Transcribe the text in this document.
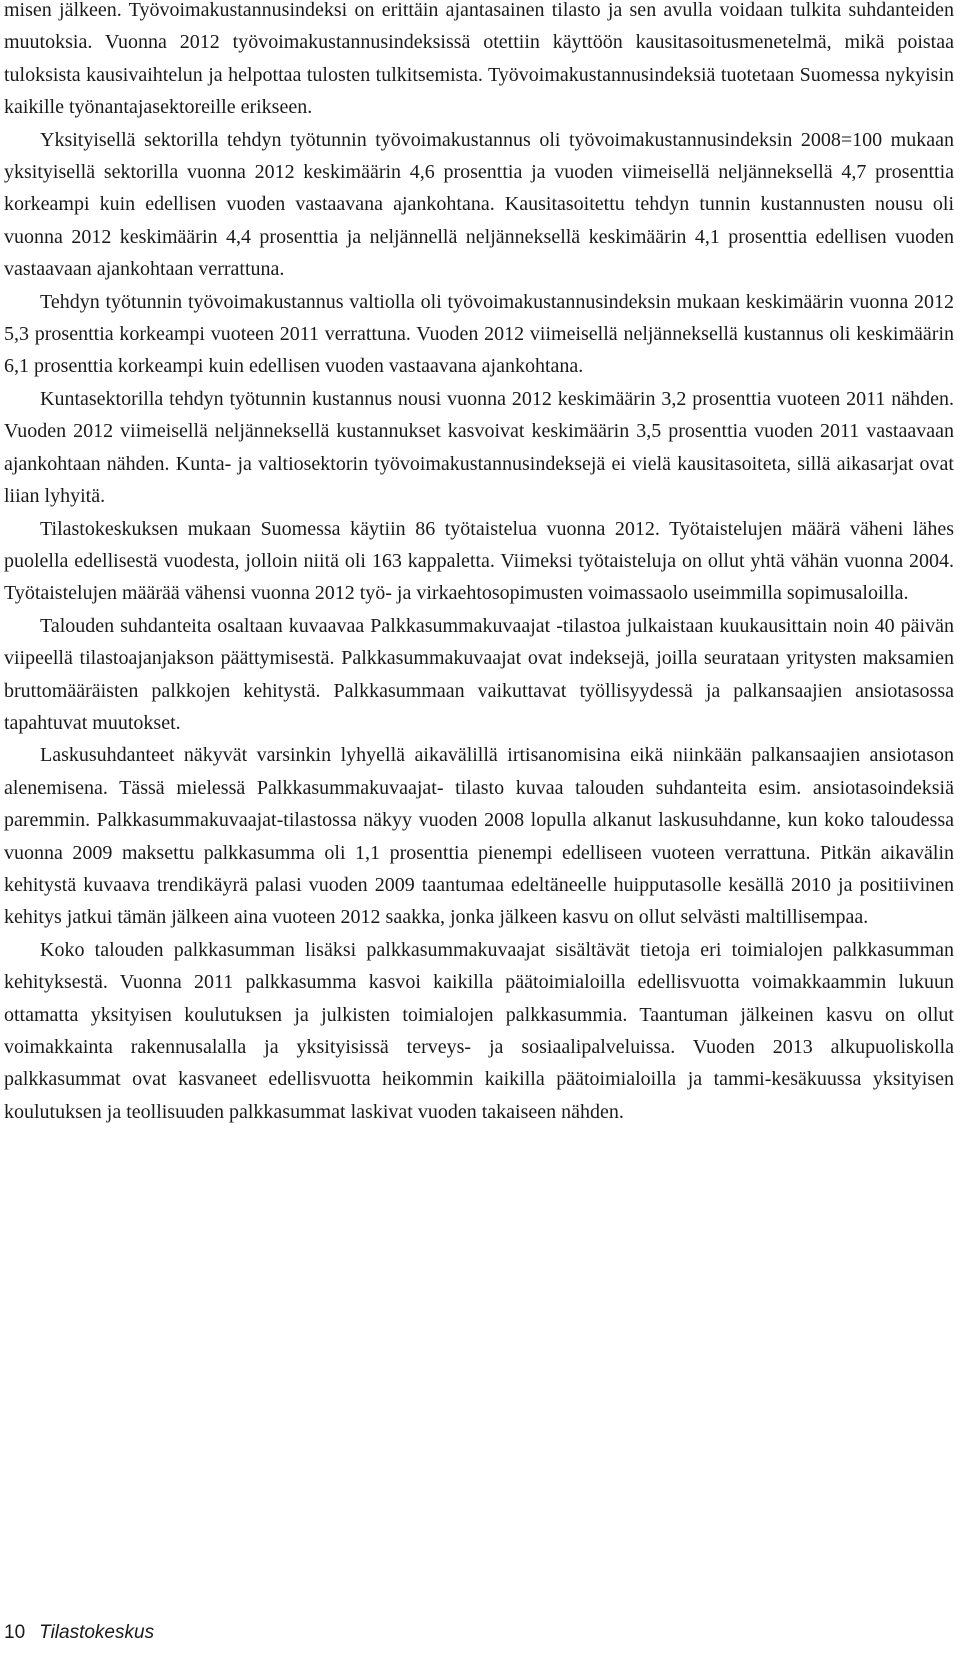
misen jälkeen. Työvoimakustannusindeksi on erittäin ajantasainen tilasto ja sen avulla voidaan tulkita suhdanteiden muutoksia. Vuonna 2012 työvoimakustannusindeksissä otettiin käyttöön kausitasoitusmenetelmä, mikä poistaa tuloksista kausivaihtelun ja helpottaa tulosten tulkitsemista. Työvoimakustannusindeksiä tuotetaan Suomessa nykyisin kaikille työnantajasektoreille erikseen.

Yksityisellä sektorilla tehdyn työtunnin työvoimakustannus oli työvoimakustannusindeksin 2008=100 mukaan yksityisellä sektorilla vuonna 2012 keskimäärin 4,6 prosenttia ja vuoden viimeisellä neljänneksellä 4,7 prosenttia korkeampi kuin edellisen vuoden vastaavana ajankohtana. Kausitasoitettu tehdyn tunnin kustannusten nousu oli vuonna 2012 keskimäärin 4,4 prosenttia ja neljännellä neljänneksellä keskimäärin 4,1 prosenttia edellisen vuoden vastaavaan ajankohtaan verrattuna.

Tehdyn työtunnin työvoimakustannus valtiolla oli työvoimakustannusindeksin mukaan keskimäärin vuonna 2012 5,3 prosenttia korkeampi vuoteen 2011 verrattuna. Vuoden 2012 viimeisellä neljänneksellä kustannus oli keskimäärin 6,1 prosenttia korkeampi kuin edellisen vuoden vastaavana ajankohtana.

Kuntasektorilla tehdyn työtunnin kustannus nousi vuonna 2012 keskimäärin 3,2 prosenttia vuoteen 2011 nähden. Vuoden 2012 viimeisellä neljänneksellä kustannukset kasvoivat keskimäärin 3,5 prosenttia vuoden 2011 vastaavaan ajankohtaan nähden. Kunta- ja valtiosektorin työvoimakustannusindeksejä ei vielä kausitasoiteta, sillä aikasarjat ovat liian lyhyitä.

Tilastokeskuksen mukaan Suomessa käytiin 86 työtaistelua vuonna 2012. Työtaistelujen määrä väheni lähes puolella edellisestä vuodesta, jolloin niitä oli 163 kappaletta. Viimeksi työtaisteluja on ollut yhtä vähän vuonna 2004. Työtaistelujen määrää vähensi vuonna 2012 työ- ja virkaehtosopimusten voimassaolo useimmilla sopimusaloilla.

Talouden suhdanteita osaltaan kuvaavaa Palkkasummakuvaajat -tilastoa julkaistaan kuukausittain noin 40 päivän viipeellä tilastoajanjakson päättymisestä. Palkkasummakuvaajat ovat indeksejä, joilla seurataan yritysten maksamien bruttomääräisten palkkojen kehitystä. Palkkasummaan vaikuttavat työllisyydessä ja palkansaajien ansiotasossa tapahtuvat muutokset.

Laskusuhdanteet näkyvät varsinkin lyhyellä aikavälillä irtisanomisina eikä niinkään palkansaajien ansiotason alenemisena. Tässä mielessä Palkkasummakuvaajat- tilasto kuvaa talouden suhdanteita esim. ansiotasoindeksiä paremmin. Palkkasummakuvaajat-tilastossa näkyy vuoden 2008 lopulla alkanut laskusuhdanne, kun koko taloudessa vuonna 2009 maksettu palkkasumma oli 1,1 prosenttia pienempi edelliseen vuoteen verrattuna. Pitkän aikavälin kehitystä kuvaava trendikäyrä palasi vuoden 2009 taantumaa edeltäneelle huipputasolle kesällä 2010 ja positiivinen kehitys jatkui tämän jälkeen aina vuoteen 2012 saakka, jonka jälkeen kasvu on ollut selvästi maltillisempaa.

Koko talouden palkkasumman lisäksi palkkasummakuvaajat sisältävät tietoja eri toimialojen palkkasumman kehityksestä. Vuonna 2011 palkkasumma kasvoi kaikilla päätoimialoilla edellisvuotta voimakkaammin lukuun ottamatta yksityisen koulutuksen ja julkisten toimialojen palkkasummia. Taantuman jälkeinen kasvu on ollut voimakkainta rakennusalalla ja yksityisissä terveys- ja sosiaalipalveluissa. Vuoden 2013 alkupuoliskolla palkkasummat ovat kasvaneet edellisvuotta heikommin kaikilla päätoimialoilla ja tammi-kesäkuussa yksityisen koulutuksen ja teollisuuden palkkasummat laskivat vuoden takaiseen nähden.

10 Tilastokeskus
